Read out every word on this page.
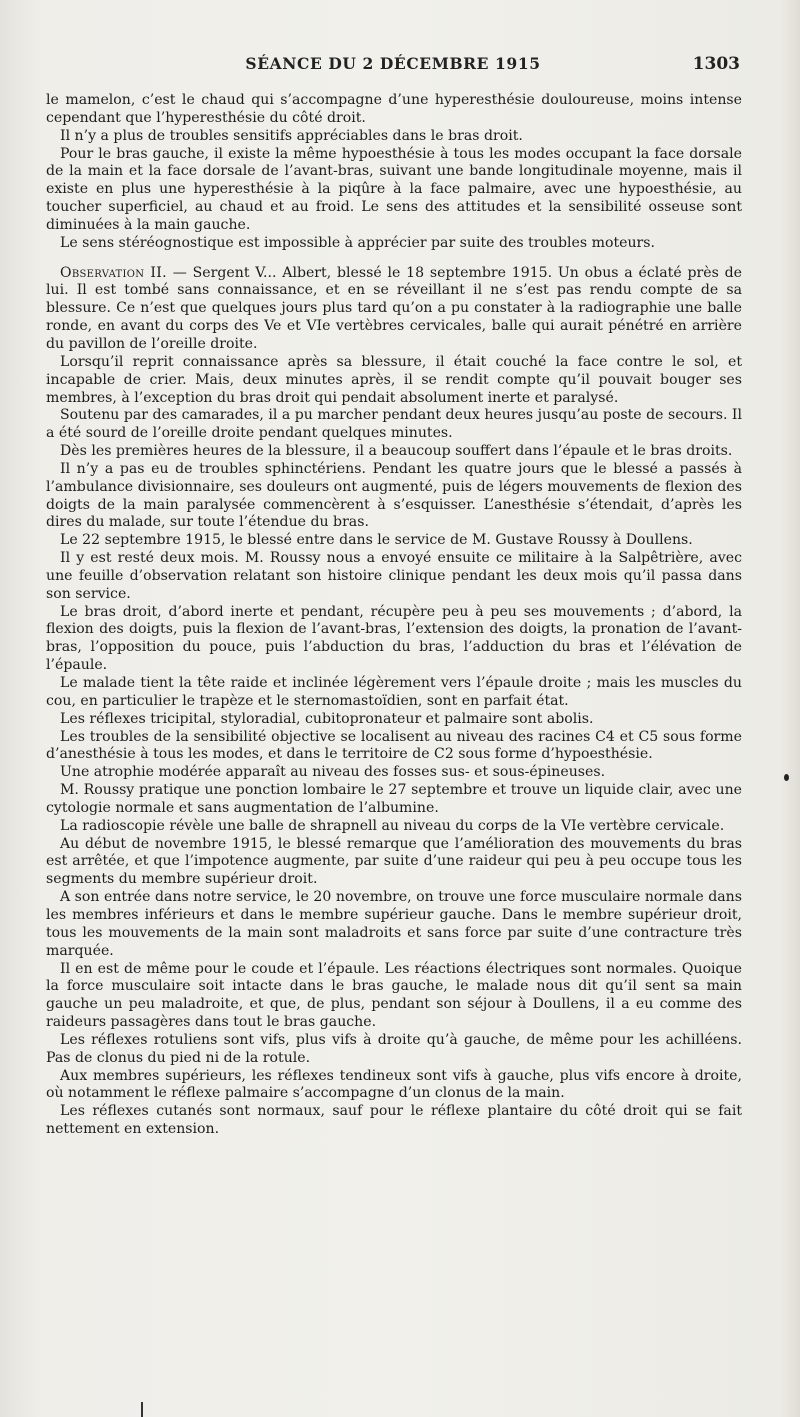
SÉANCE DU 2 DÉCEMBRE 1915	1303

le mamelon, c’est le chaud qui s’accompagne d’une hyperesthésie douloureuse, moins intense cependant que l’hyperesthésie du côté droit.

Il n’y a plus de troubles sensitifs appréciables dans le bras droit.

Pour le bras gauche, il existe la même hypoesthésie à tous les modes occupant la face dorsale de la main et la face dorsale de l’avant-bras, suivant une bande longitudinale moyenne, mais il existe en plus une hyperesthésie à la piqûre à la face palmaire, avec une hypoesthésie, au toucher superficiel, au chaud et au froid. Le sens des attitudes et la sensibilité osseuse sont diminuées à la main gauche.

Le sens stéréognostique est impossible à apprécier par suite des troubles moteurs.

Observation II. — Sergent V... Albert, blessé le 18 septembre 1915. Un obus a éclaté près de lui. Il est tombé sans connaissance, et en se réveillant il ne s’est pas rendu compte de sa blessure. Ce n’est que quelques jours plus tard qu’on a pu constater à la radiographie une balle ronde, en avant du corps des Ve et VIe vertèbres cervicales, balle qui aurait pénétré en arrière du pavillon de l’oreille droite.

Lorsqu’il reprit connaissance après sa blessure, il était couché la face contre le sol, et incapable de crier. Mais, deux minutes après, il se rendit compte qu’il pouvait bouger ses membres, à l’exception du bras droit qui pendait absolument inerte et paralysé.

Soutenu par des camarades, il a pu marcher pendant deux heures jusqu’au poste de secours. Il a été sourd de l’oreille droite pendant quelques minutes.

Dès les premières heures de la blessure, il a beaucoup souffert dans l’épaule et le bras droits.

Il n’y a pas eu de troubles sphinctériens. Pendant les quatre jours que le blessé a passés à l’ambulance divisionnaire, ses douleurs ont augmenté, puis de légers mouvements de flexion des doigts de la main paralysée commencèrent à s’esquisser. L’anesthésie s’étendait, d’après les dires du malade, sur toute l’étendue du bras.

Le 22 septembre 1915, le blessé entre dans le service de M. Gustave Roussy à Doullens.

Il y est resté deux mois. M. Roussy nous a envoyé ensuite ce militaire à la Salpêtrière, avec une feuille d’observation relatant son histoire clinique pendant les deux mois qu’il passa dans son service.

Le bras droit, d’abord inerte et pendant, récupère peu à peu ses mouvements ; d’abord, la flexion des doigts, puis la flexion de l’avant-bras, l’extension des doigts, la pronation de l’avant-bras, l’opposition du pouce, puis l’abduction du bras, l’adduction du bras et l’élévation de l’épaule.

Le malade tient la tête raide et inclinée légèrement vers l’épaule droite ; mais les muscles du cou, en particulier le trapèze et le sternomastoïdien, sont en parfait état.

Les réflexes tricipital, styloradial, cubitopronateur et palmaire sont abolis.

Les troubles de la sensibilité objective se localisent au niveau des racines C4 et C5 sous forme d’anesthésie à tous les modes, et dans le territoire de C2 sous forme d’hypoesthésie.

Une atrophie modérée apparaît au niveau des fosses sus- et sous-épineuses.

M. Roussy pratique une ponction lombaire le 27 septembre et trouve un liquide clair, avec une cytologie normale et sans augmentation de l’albumine.

La radioscopie révèle une balle de shrapnell au niveau du corps de la VIe vertèbre cervicale.

Au début de novembre 1915, le blessé remarque que l’amélioration des mouvements du bras est arrêtée, et que l’impotence augmente, par suite d’une raideur qui peu à peu occupe tous les segments du membre supérieur droit.

A son entrée dans notre service, le 20 novembre, on trouve une force musculaire normale dans les membres inférieurs et dans le membre supérieur gauche. Dans le membre supérieur droit, tous les mouvements de la main sont maladroits et sans force par suite d’une contracture très marquée.

Il en est de même pour le coude et l’épaule. Les réactions électriques sont normales. Quoique la force musculaire soit intacte dans le bras gauche, le malade nous dit qu’il sent sa main gauche un peu maladroite, et que, de plus, pendant son séjour à Doullens, il a eu comme des raideurs passagères dans tout le bras gauche.

Les réflexes rotuliens sont vifs, plus vifs à droite qu’à gauche, de même pour les achilléens. Pas de clonus du pied ni de la rotule.

Aux membres supérieurs, les réflexes tendineux sont vifs à gauche, plus vifs encore à droite, où notamment le réflexe palmaire s’accompagne d’un clonus de la main.

Les réflexes cutanés sont normaux, sauf pour le réflexe plantaire du côté droit qui se fait nettement en extension.
